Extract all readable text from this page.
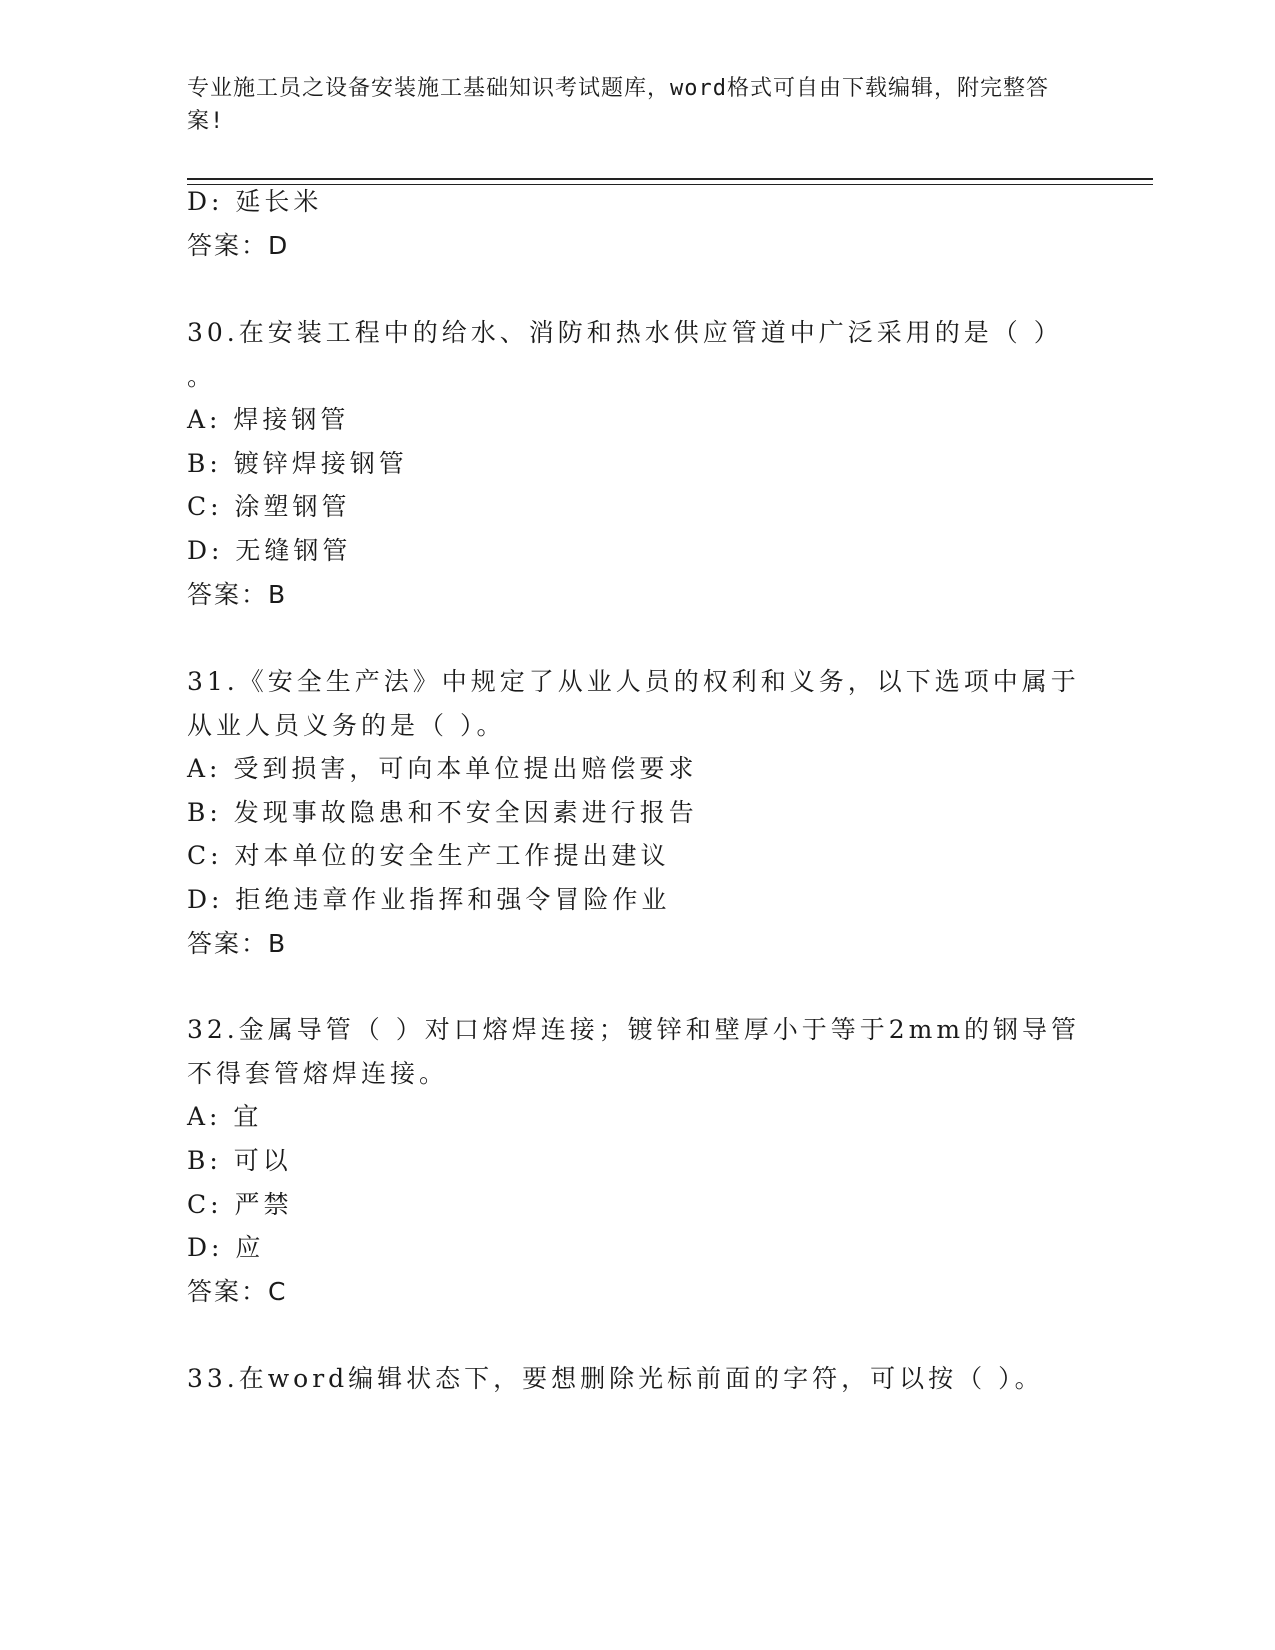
专业施工员之设备安装施工基础知识考试题库，word格式可自由下载编辑，附完整答案!
D: 延长米
答案：D
30.在安装工程中的给水、消防和热水供应管道中广泛采用的是（ ）
。
A: 焊接钢管
B: 镀锌焊接钢管
C: 涂塑钢管
D: 无缝钢管
答案：B
31.《安全生产法》中规定了从业人员的权利和义务，以下选项中属于
从业人员义务的是（ ）。
A: 受到损害，可向本单位提出赔偿要求
B: 发现事故隐患和不安全因素进行报告
C: 对本单位的安全生产工作提出建议
D: 拒绝违章作业指挥和强令冒险作业
答案：B
32.金属导管（ ）对口熔焊连接；镀锌和壁厚小于等于2mm的钢导管
不得套管熔焊连接。
A: 宜
B: 可以
C: 严禁
D: 应
答案：C
33.在word编辑状态下，要想删除光标前面的字符，可以按（ ）。
